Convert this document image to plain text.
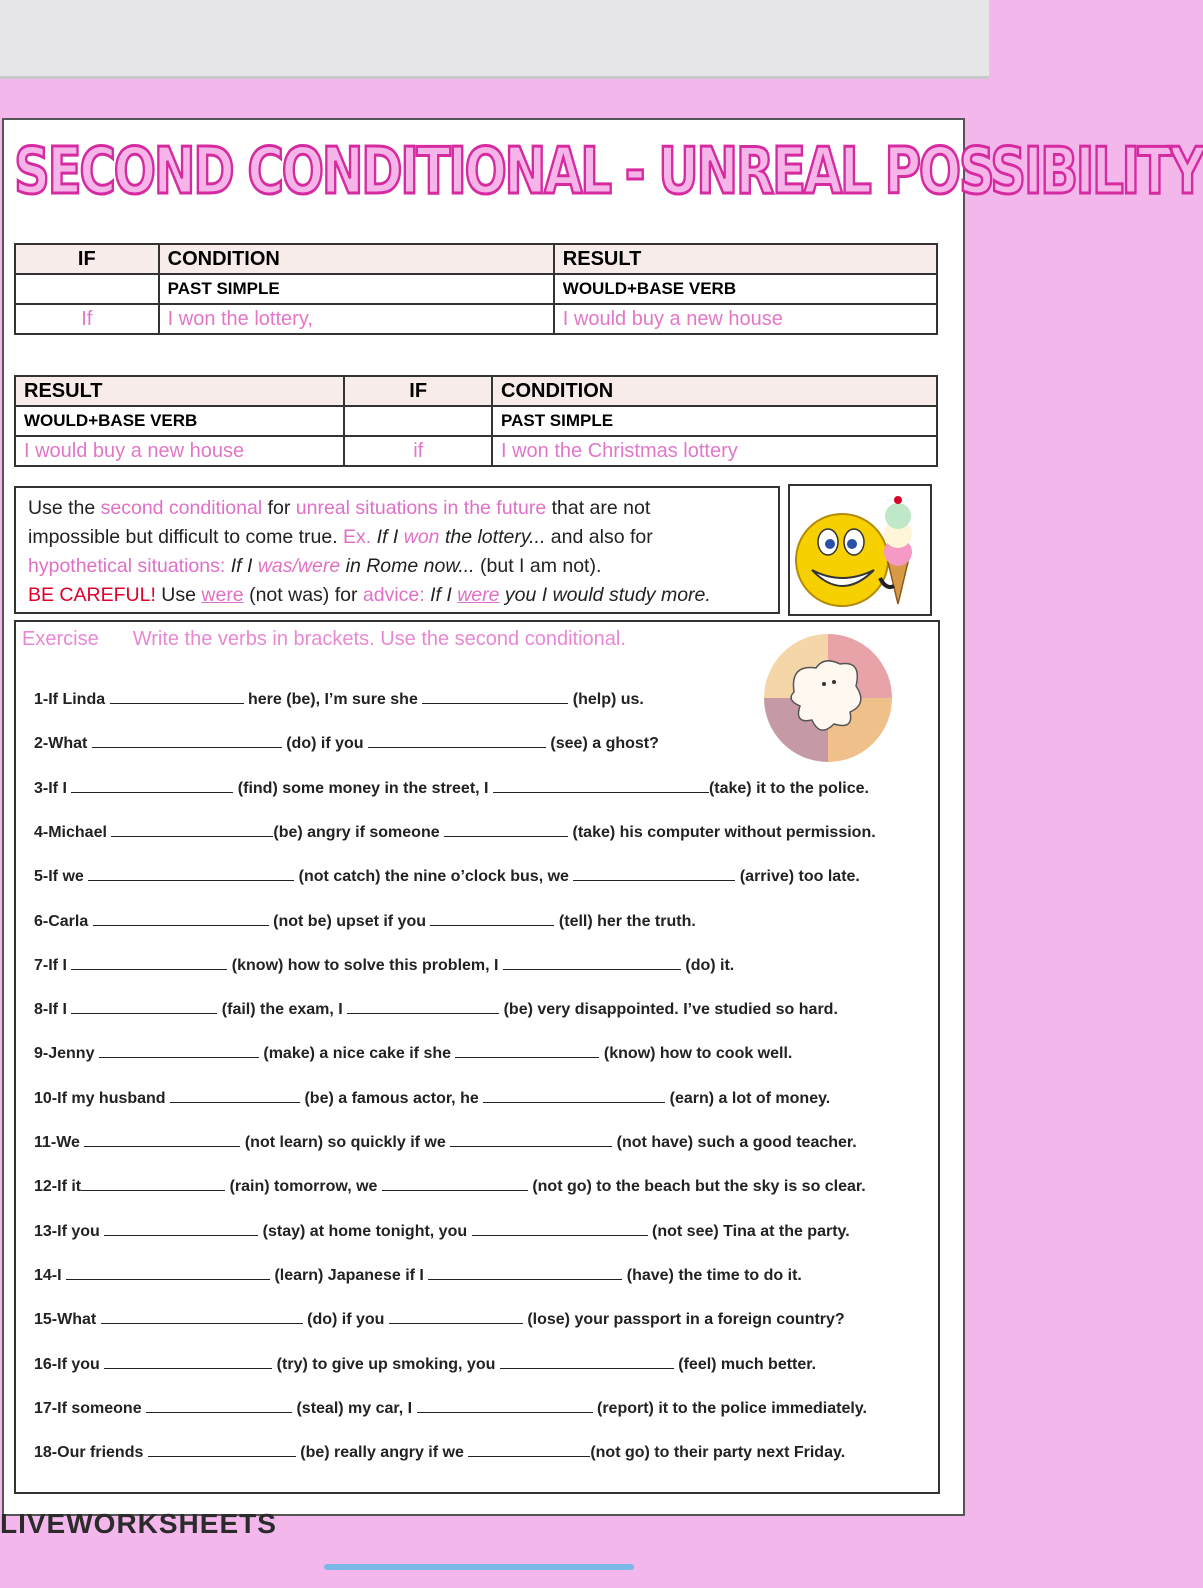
SECOND CONDITIONAL - UNREAL POSSIBILITY
IF	CONDITION	RESULT
	PAST SIMPLE	WOULD+BASE VERB
If	I won the lottery,	I would buy a new house
RESULT	IF	CONDITION
WOULD+BASE VERB		PAST SIMPLE
I would buy a new house	if	I won the Christmas lottery
Use the second conditional for unreal situations in the future that are not
impossible but difficult to come true. Ex. If I won the lottery... and also for
hypothetical situations: If I was/were in Rome now... (but I am not).
BE CAREFUL! Use were (not was) for advice: If I were you I would study more.
Exercise Write the verbs in brackets. Use the second conditional.
1-If Linda	here (be), I’m sure she	(help) us.
2-What	(do) if you	(see) a ghost?
3-If I	(find) some money in the street, I	(take) it to the police.
4-Michael	(be) angry if someone	(take) his computer without permission.
5-If we	(not catch) the nine o’clock bus, we	(arrive) too late.
6-Carla	(not be) upset if you	(tell) her the truth.
7-If I	(know) how to solve this problem, I	(do) it.
8-If I	(fail) the exam, I	(be) very disappointed. I’ve studied so hard.
9-Jenny	(make) a nice cake if she	(know) how to cook well.
10-If my husband	(be) a famous actor, he	(earn) a lot of money.
11-We	(not learn) so quickly if we	(not have) such a good teacher.
12-If it	(rain) tomorrow, we	(not go) to the beach but the sky is so clear.
13-If you	(stay) at home tonight, you	(not see) Tina at the party.
14-I	(learn) Japanese if I	(have) the time to do it.
15-What	(do) if you	(lose) your passport in a foreign country?
16-If you	(try) to give up smoking, you	(feel) much better.
17-If someone	(steal) my car, I	(report) it to the police immediately.
18-Our friends	(be) really angry if we	(not go) to their party next Friday.
LIVEWORKSHEETS
